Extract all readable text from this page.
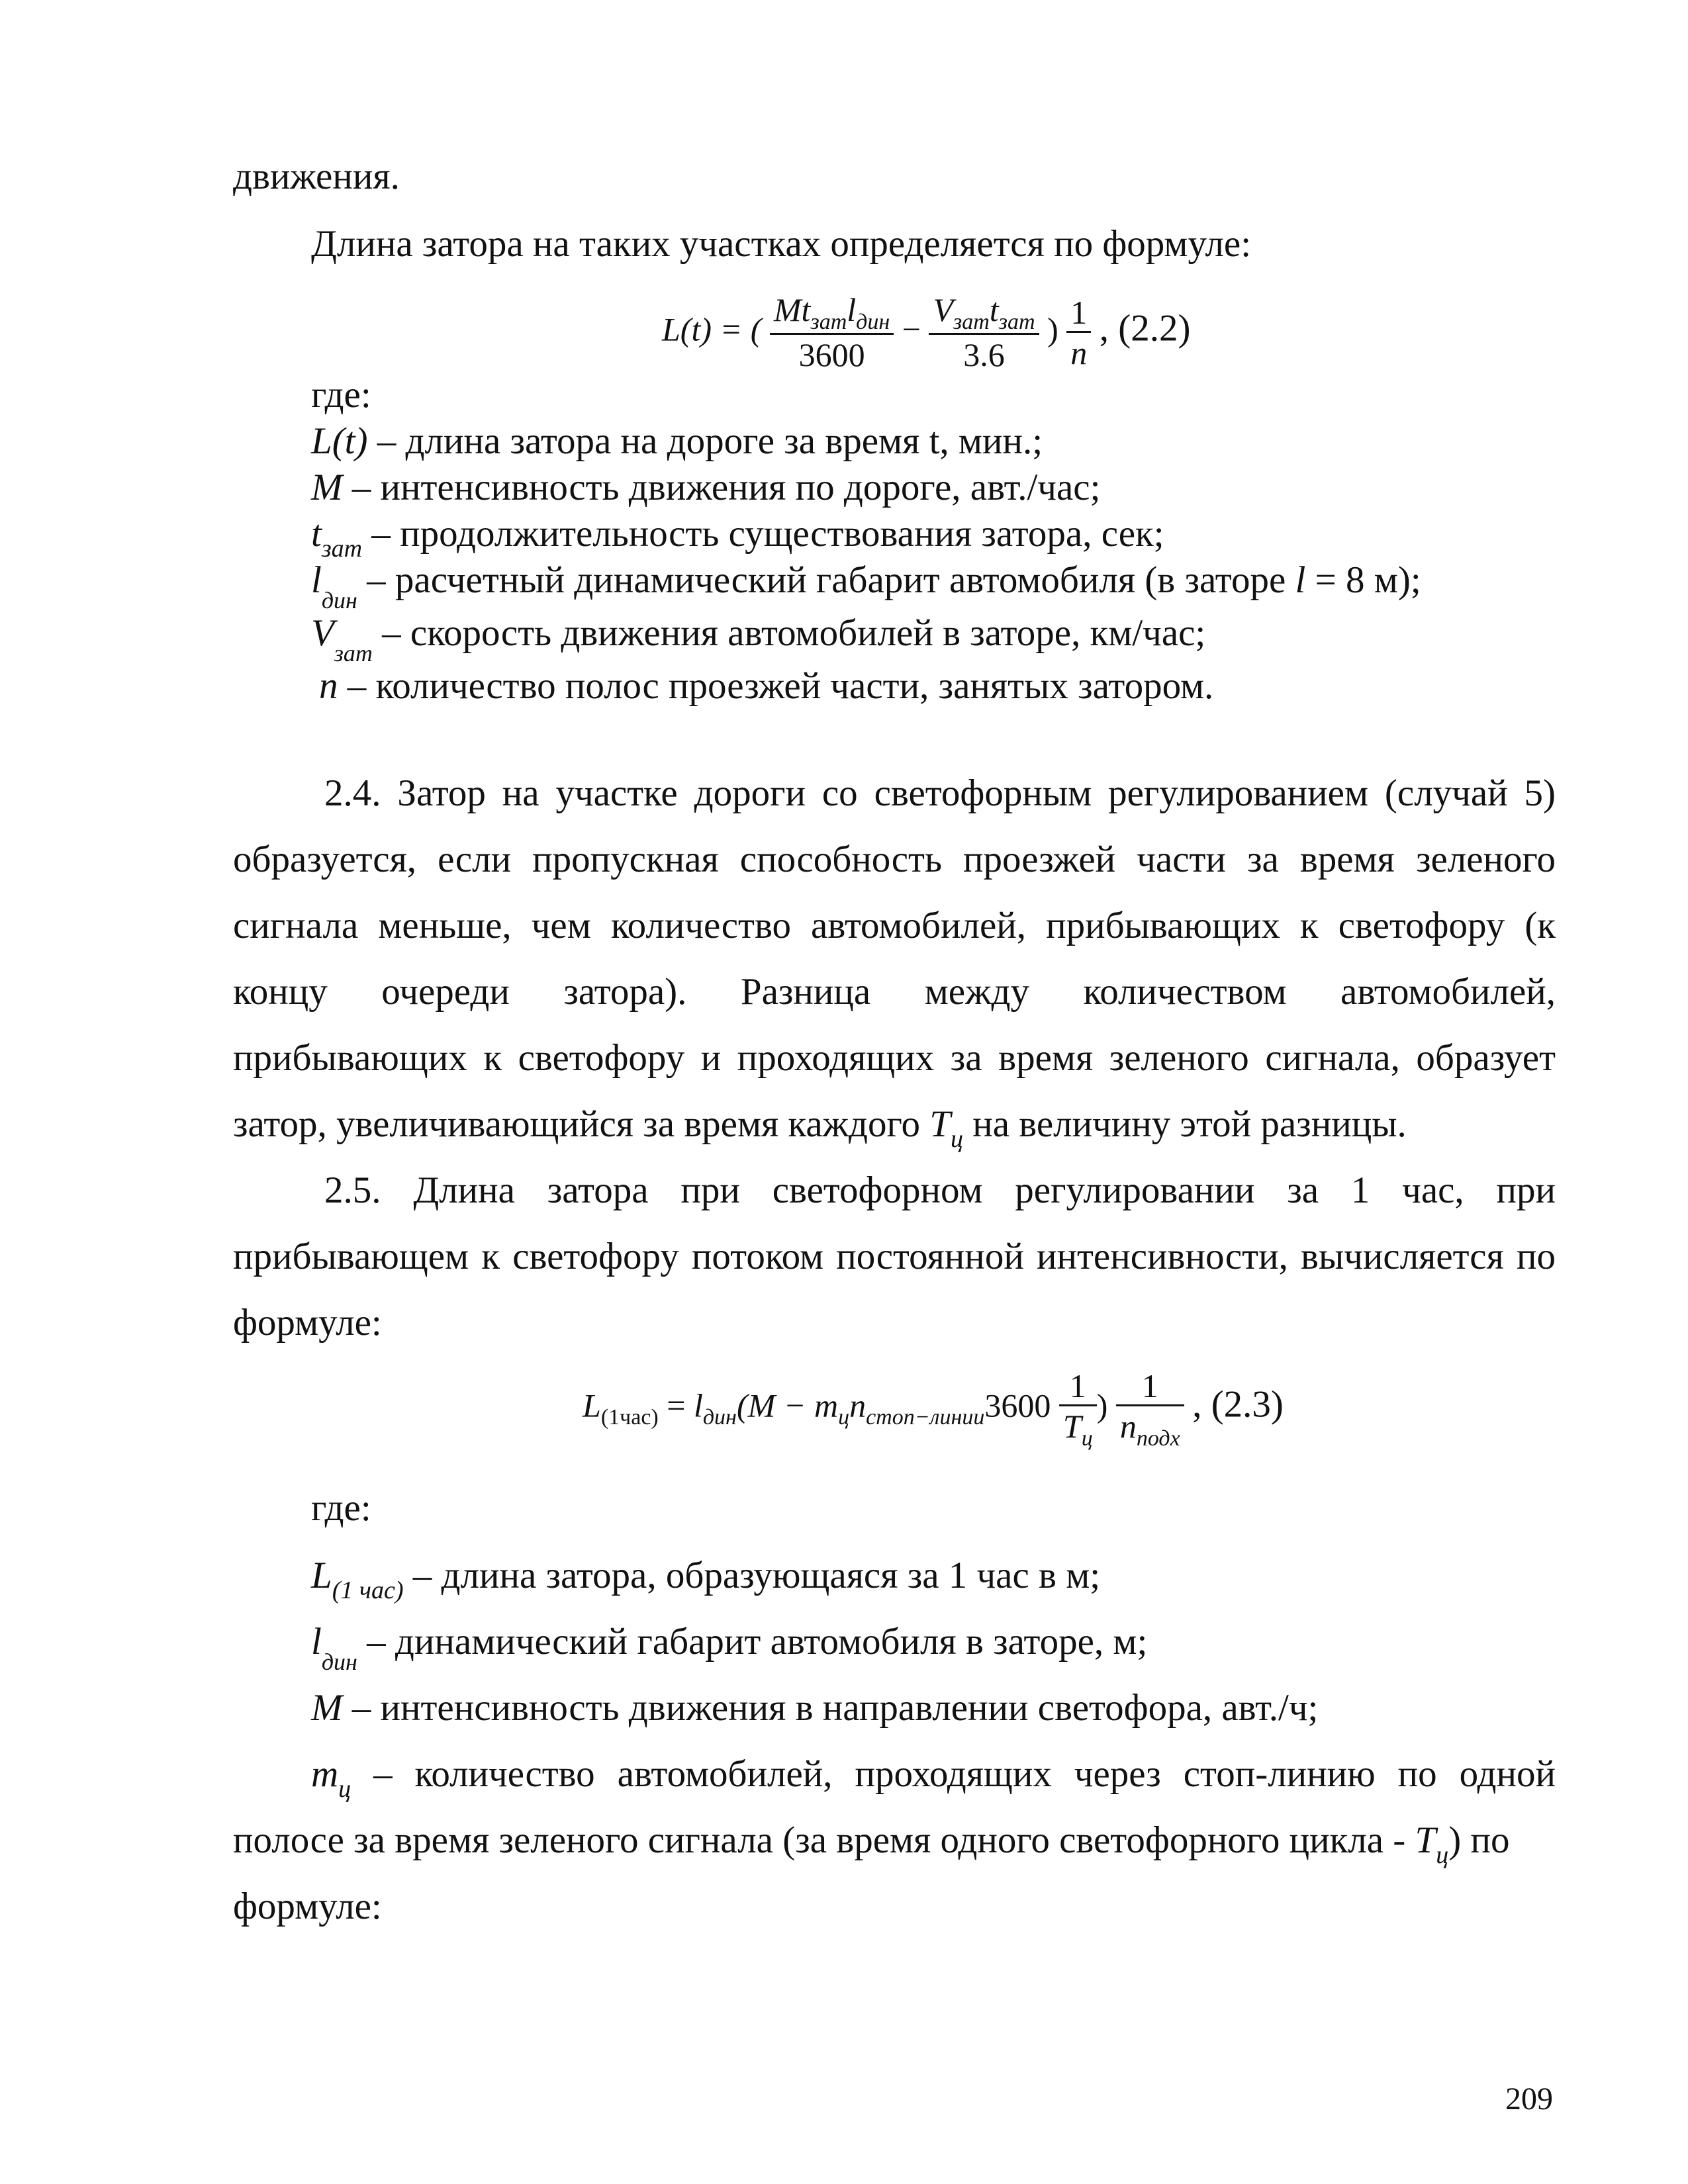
движения.
Длина затора на таких участках определяется по формуле:
L(t) = ( $\frac{Mt_{зат}l_{дин}}{3600} - \frac{V_{зат}t_{зат}}{3.6}$ ) $\frac{1}{n}$ , (2.2)
где:
L(t) – длина затора на дороге за время t, мин.;
M – интенсивность движения по дороге, авт./час;
$t_{зат}$ – продолжительность существования затора, сек;
$l_{дин}$ – расчетный динамический габарит автомобиля (в заторе l = 8 м);
$V_{зат}$ – скорость движения автомобилей в заторе, км/час;
n – количество полос проезжей части, занятых затором.
2.4. Затор на участке дороги со светофорным регулированием (случай 5)
образуется, если пропускная способность проезжей части за время зеленого
сигнала меньше, чем количество автомобилей, прибывающих к светофору (к
концу очереди затора). Разница между количеством автомобилей,
прибывающих к светофору и проходящих за время зеленого сигнала, образует
затор, увеличивающийся за время каждого $T_ц$ на величину этой разницы.
2.5. Длина затора при светофорном регулировании за 1 час, при
прибывающем к светофору потоком постоянной интенсивности, вычисляется по
формуле:
$L_{(1час)} = l_{дин}(M - m_цn_{стоп-линии}3600 \frac{1}{T_ц}$ ) $\frac{1}{n_{подх}}$ , (2.3)
где:
$L_{(1 час)}$ – длина затора, образующаяся за 1 час в м;
$l_{дин}$ – динамический габарит автомобиля в заторе, м;
M – интенсивность движения в направлении светофора, авт./ч;
$m_ц$ – количество автомобилей, проходящих через стоп-линию по одной
полосе за время зеленого сигнала (за время одного светофорного цикла - $T_ц$) по
формуле:
209
